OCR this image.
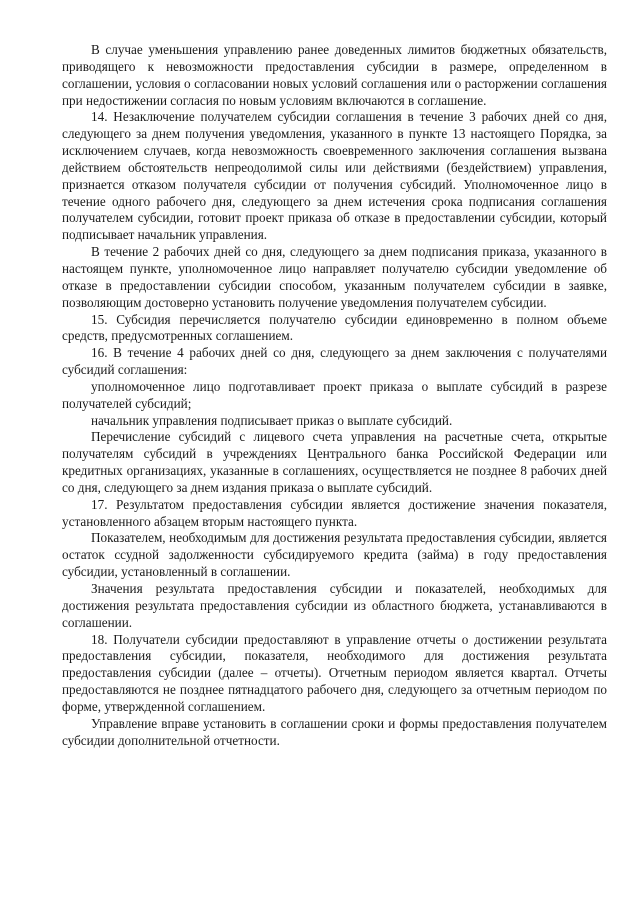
В случае уменьшения управлению ранее доведенных лимитов бюджетных обязательств, приводящего к невозможности предоставления субсидии в размере, определенном в соглашении, условия о согласовании новых условий соглашения или о расторжении соглашения при недостижении согласия по новым условиям включаются в соглашение.

14. Незаключение получателем субсидии соглашения в течение 3 рабочих дней со дня, следующего за днем получения уведомления, указанного в пункте 13 настоящего Порядка, за исключением случаев, когда невозможность своевременного заключения соглашения вызвана действием обстоятельств непреодолимой силы или действиями (бездействием) управления, признается отказом получателя субсидии от получения субсидий. Уполномоченное лицо в течение одного рабочего дня, следующего за днем истечения срока подписания соглашения получателем субсидии, готовит проект приказа об отказе в предоставлении субсидии, который подписывает начальник управления.

В течение 2 рабочих дней со дня, следующего за днем подписания приказа, указанного в настоящем пункте, уполномоченное лицо направляет получателю субсидии уведомление об отказе в предоставлении субсидии способом, указанным получателем субсидии в заявке, позволяющим достоверно установить получение уведомления получателем субсидии.

15. Субсидия перечисляется получателю субсидии единовременно в полном объеме средств, предусмотренных соглашением.

16. В течение 4 рабочих дней со дня, следующего за днем заключения с получателями субсидий соглашения:

уполномоченное лицо подготавливает проект приказа о выплате субсидий в разрезе получателей субсидий;

начальник управления подписывает приказ о выплате субсидий.

Перечисление субсидий с лицевого счета управления на расчетные счета, открытые получателям субсидий в учреждениях Центрального банка Российской Федерации или кредитных организациях, указанные в соглашениях, осуществляется не позднее 8 рабочих дней со дня, следующего за днем издания приказа о выплате субсидий.

17. Результатом предоставления субсидии является достижение значения показателя, установленного абзацем вторым настоящего пункта.

Показателем, необходимым для достижения результата предоставления субсидии, является остаток ссудной задолженности субсидируемого кредита (займа) в году предоставления субсидии, установленный в соглашении.

Значения результата предоставления субсидии и показателей, необходимых для достижения результата предоставления субсидии из областного бюджета, устанавливаются в соглашении.

18. Получатели субсидии предоставляют в управление отчеты о достижении результата предоставления субсидии, показателя, необходимого для достижения результата предоставления субсидии (далее – отчеты). Отчетным периодом является квартал. Отчеты предоставляются не позднее пятнадцатого рабочего дня, следующего за отчетным периодом по форме, утвержденной соглашением.

Управление вправе установить в соглашении сроки и формы предоставления получателем субсидии дополнительной отчетности.
